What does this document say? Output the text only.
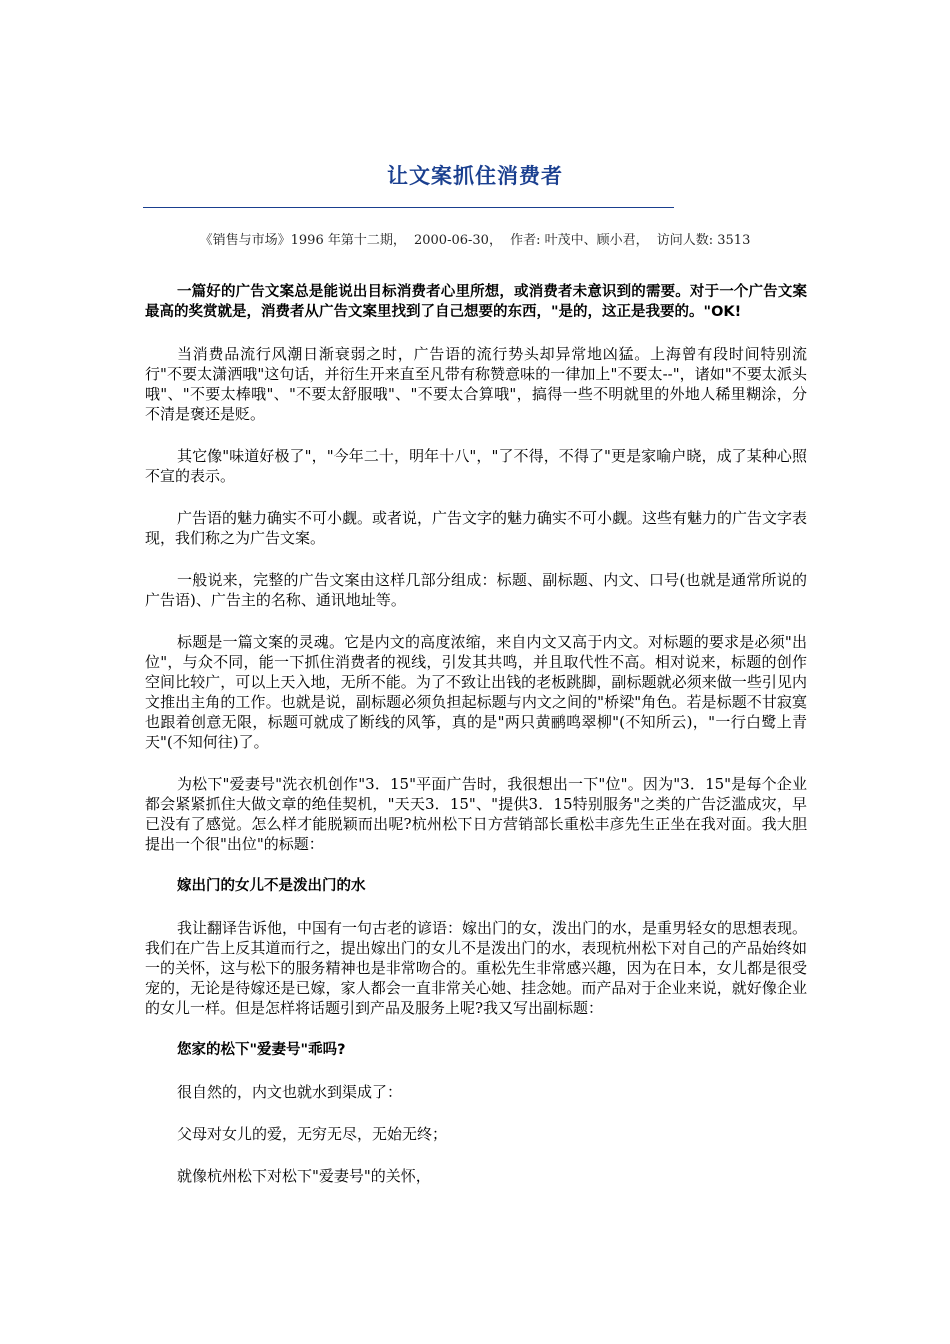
让文案抓住消费者
《销售与市场》1996 年第十二期， 2000-06-30， 作者: 叶茂中、顾小君， 访问人数: 3513

一篇好的广告文案总是能说出目标消费者心里所想，或消费者未意识到的需要。对于一个广告文案最高的奖赏就是，消费者从广告文案里找到了自己想要的东西，"是的，这正是我要的。"OK!

当消费品流行风潮日渐衰弱之时，广告语的流行势头却异常地凶猛。上海曾有段时间特别流行"不要太潇洒哦"这句话，并衍生开来直至凡带有称赞意味的一律加上"不要太--"，诸如"不要太派头哦"、"不要太棒哦"、"不要太舒服哦"、"不要太合算哦"，搞得一些不明就里的外地人稀里糊涂，分不清是褒还是贬。

其它像"味道好极了"，"今年二十，明年十八"，"了不得，不得了"更是家喻户晓，成了某种心照不宣的表示。

广告语的魅力确实不可小觑。或者说，广告文字的魅力确实不可小觑。这些有魅力的广告文字表现，我们称之为广告文案。

一般说来，完整的广告文案由这样几部分组成：标题、副标题、内文、口号(也就是通常所说的广告语)、广告主的名称、通讯地址等。

标题是一篇文案的灵魂。它是内文的高度浓缩，来自内文又高于内文。对标题的要求是必须"出位"，与众不同，能一下抓住消费者的视线，引发其共鸣，并且取代性不高。相对说来，标题的创作空间比较广，可以上天入地，无所不能。为了不致让出钱的老板跳脚，副标题就必须来做一些引见内文推出主角的工作。也就是说，副标题必须负担起标题与内文之间的"桥梁"角色。若是标题不甘寂寞也跟着创意无限，标题可就成了断线的风筝，真的是"两只黄鹂鸣翠柳"(不知所云)，"一行白鹭上青天"(不知何往)了。

为松下"爱妻号"洗衣机创作"3．15"平面广告时，我很想出一下"位"。因为"3．15"是每个企业都会紧紧抓住大做文章的绝佳契机，"天天3．15"、"提供3．15特别服务"之类的广告泛滥成灾，早已没有了感觉。怎么样才能脱颖而出呢?杭州松下日方营销部长重松丰彦先生正坐在我对面。我大胆提出一个很"出位"的标题：

嫁出门的女儿不是泼出门的水

我让翻译告诉他，中国有一句古老的谚语：嫁出门的女，泼出门的水，是重男轻女的思想表现。我们在广告上反其道而行之，提出嫁出门的女儿不是泼出门的水，表现杭州松下对自己的产品始终如一的关怀，这与松下的服务精神也是非常吻合的。重松先生非常感兴趣，因为在日本，女儿都是很受宠的，无论是待嫁还是已嫁，家人都会一直非常关心她、挂念她。而产品对于企业来说，就好像企业的女儿一样。但是怎样将话题引到产品及服务上呢?我又写出副标题：

您家的松下"爱妻号"乖吗?

很自然的，内文也就水到渠成了：

父母对女儿的爱，无穷无尽，无始无终；

就像杭州松下对松下"爱妻号"的关怀，
